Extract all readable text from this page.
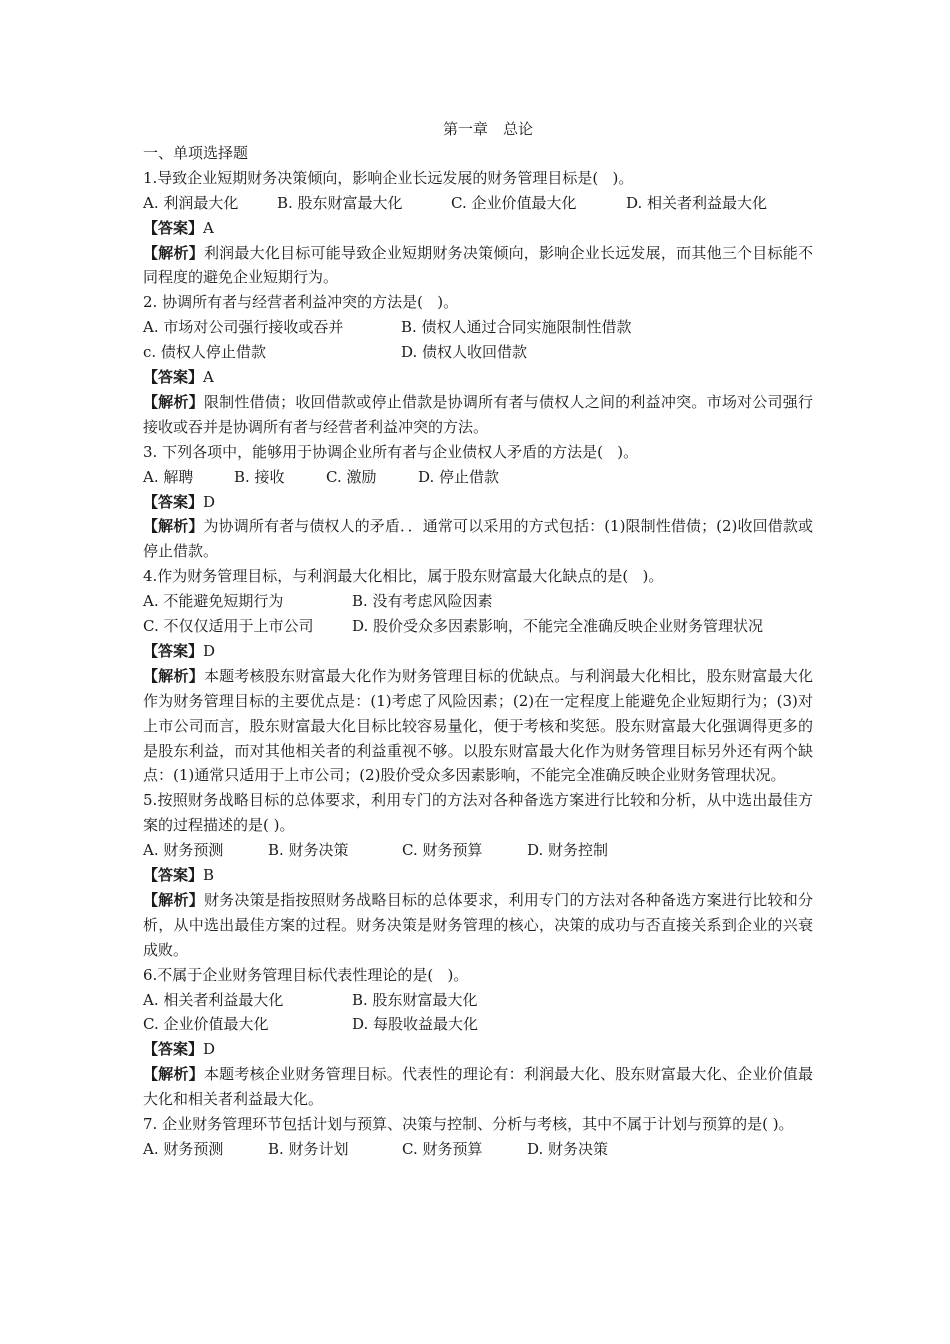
第一章　总论
一、单项选择题
1.导致企业短期财务决策倾向，影响企业长远发展的财务管理目标是(   )。
A. 利润最大化	B. 股东财富最大化	C. 企业价值最大化	D. 相关者利益最大化
【答案】A
【解析】利润最大化目标可能导致企业短期财务决策倾向，影响企业长远发展，而其他三个目标能不同程度的避免企业短期行为。
2. 协调所有者与经营者利益冲突的方法是(   )。
A. 市场对公司强行接收或吞并	B. 债权人通过合同实施限制性借款
c. 债权人停止借款	D. 债权人收回借款
【答案】A
【解析】限制性借债；收回借款或停止借款是协调所有者与债权人之间的利益冲突。市场对公司强行接收或吞并是协调所有者与经营者利益冲突的方法。
3. 下列各项中，能够用于协调企业所有者与企业债权人矛盾的方法是(   )。
A. 解聘	B. 接收	C. 激励	D. 停止借款
【答案】D
【解析】为协调所有者与债权人的矛盾．．通常可以采用的方式包括：(1)限制性借债；(2)收回借款或停止借款。
4.作为财务管理目标，与利润最大化相比，属于股东财富最大化缺点的是(   )。
A. 不能避免短期行为	B. 没有考虑风险因素
C. 不仅仅适用于上市公司	D. 股价受众多因素影响，不能完全准确反映企业财务管理状况
【答案】D
【解析】本题考核股东财富最大化作为财务管理目标的优缺点。与利润最大化相比，股东财富最大化作为财务管理目标的主要优点是：(1)考虑了风险因素；(2)在一定程度上能避免企业短期行为；(3)对上市公司而言，股东财富最大化目标比较容易量化，便于考核和奖惩。股东财富最大化强调得更多的是股东利益，而对其他相关者的利益重视不够。以股东财富最大化作为财务管理目标另外还有两个缺点：(1)通常只适用于上市公司；(2)股价受众多因素影响，不能完全准确反映企业财务管理状况。
5.按照财务战略目标的总体要求，利用专门的方法对各种备选方案进行比较和分析，从中选出最佳方案的过程描述的是( )。
A. 财务预测	B. 财务决策	C. 财务预算	D. 财务控制
【答案】B
【解析】财务决策是指按照财务战略目标的总体要求，利用专门的方法对各种备选方案进行比较和分析，从中选出最佳方案的过程。财务决策是财务管理的核心，决策的成功与否直接关系到企业的兴衰成败。
6.不属于企业财务管理目标代表性理论的是(   )。
A. 相关者利益最大化	B. 股东财富最大化
C. 企业价值最大化	D. 每股收益最大化
【答案】D
【解析】本题考核企业财务管理目标。代表性的理论有：利润最大化、股东财富最大化、企业价值最大化和相关者利益最大化。
7. 企业财务管理环节包括计划与预算、决策与控制、分析与考核，其中不属于计划与预算的是( )。
A. 财务预测	B. 财务计划	C. 财务预算	D. 财务决策
